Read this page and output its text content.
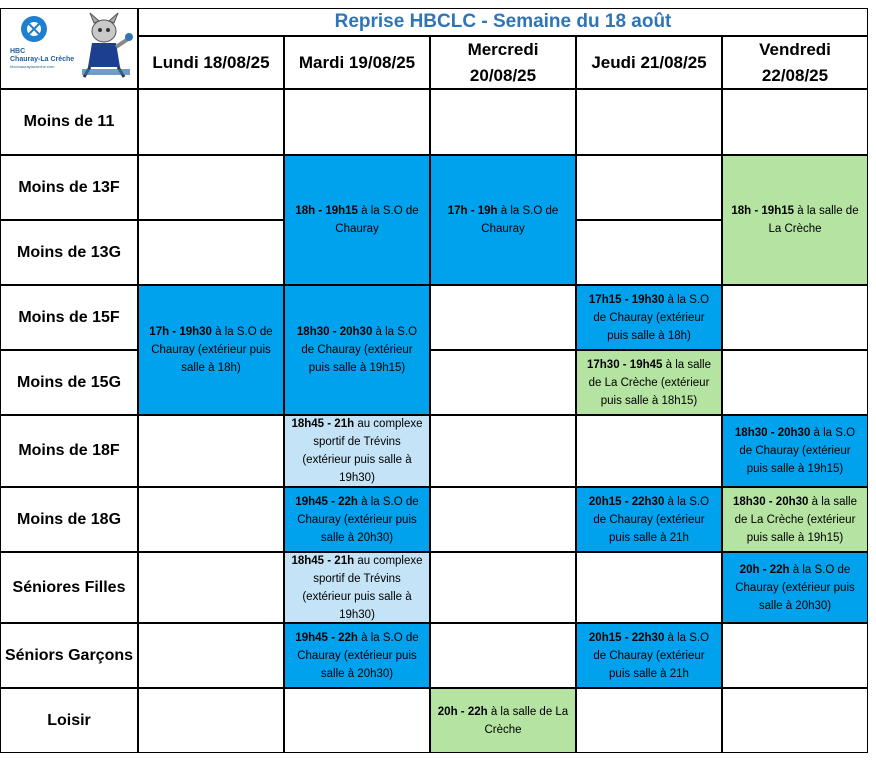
HBC
Chauray-La Crèche
hbcchauraylacreche.com
Reprise HBCLC - Semaine du 18 août
Lundi 18/08/25	Mardi 19/08/25
Mercredi 20/08/25
Jeudi 21/08/25
Vendredi 22/08/25
Moins de 11
Moins de 13F
Moins de 13G
Moins de 15F
Moins de 15G
Moins de 18F
Moins de 18G
Séniores Filles
Séniors Garçons
Loisir
18h - 19h15 à la S.O de Chauray
17h - 19h à la S.O de Chauray
18h - 19h15 à la salle de La Crèche
17h - 19h30 à la S.O de Chauray (extérieur puis salle à 18h)
18h30 - 20h30 à la S.O de Chauray (extérieur puis salle à 19h15)
17h15 - 19h30 à la S.O de Chauray (extérieur puis salle à 18h)
17h30 - 19h45 à la salle de La Crèche (extérieur puis salle à 18h15)
18h45 - 21h au complexe sportif de Trévins (extérieur puis salle à 19h30)
18h30 - 20h30 à la S.O de Chauray (extérieur puis salle à 19h15)
19h45 - 22h à la S.O de Chauray (extérieur puis salle à 20h30)
20h15 - 22h30 à la S.O de Chauray (extérieur puis salle à 21h
18h30 - 20h30 à la salle de La Crèche (extérieur puis salle à 19h15)
18h45 - 21h au complexe sportif de Trévins (extérieur puis salle à 19h30)
20h - 22h à la S.O de Chauray (extérieur puis salle à 20h30)
19h45 - 22h à la S.O de Chauray (extérieur puis salle à 20h30)
20h15 - 22h30 à la S.O de Chauray (extérieur puis salle à 21h
20h - 22h à la salle de La Crèche
